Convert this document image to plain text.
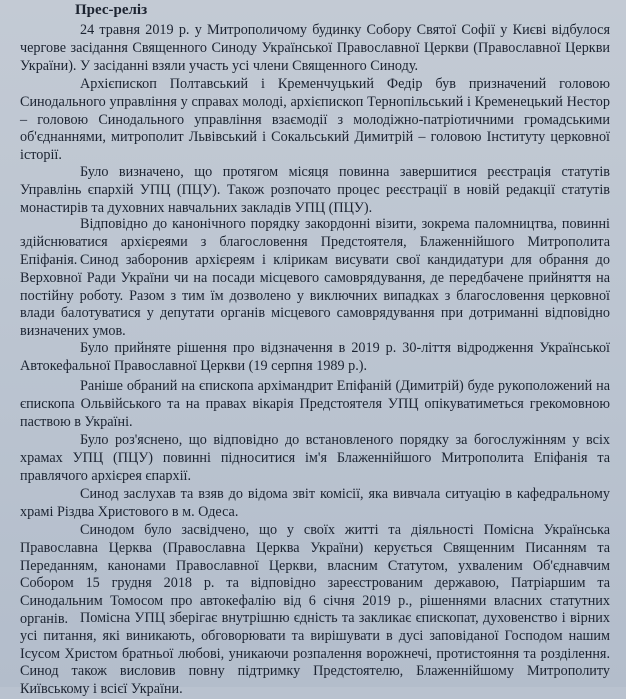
Прес-реліз

24 травня 2019 р. у Митрополичому будинку Собору Святої Софії у Києві відбулося чергове засідання Священного Синоду Української Православної Церкви (Православної Церкви України). У засіданні взяли участь усі члени Священного Синоду.

Архієпископ Полтавський і Кременчуцький Федір був призначений головою Синодального управління у справах молоді, архієпископ Тернопільський і Кременецький Нестор – головою Синодального управління взаємодії з молодіжно-патріотичними громадськими об'єднаннями, митрополит Львівський і Сокальський Димитрій – головою Інституту церковної історії.

Було визначено, що протягом місяця повинна завершитися реєстрація статутів Управлінь єпархій УПЦ (ПЦУ). Також розпочато процес реєстрації в новій редакції статутів монастирів та духовних навчальних закладів УПЦ (ПЦУ).

Відповідно до канонічного порядку закордонні візити, зокрема паломництва, повинні здійснюватися архієреями з благословення Предстоятеля, Блаженнійшого Митрополита Епіфанія. Синод заборонив архієреям і клірикам висувати свої кандидатури для обрання до Верховної Ради України чи на посади місцевого самоврядування, де передбачене прийняття на постійну роботу. Разом з тим їм дозволено у виключних випадках з благословення церковної влади балотуватися у депутати органів місцевого самоврядування при дотриманні відповідно визначених умов.

Було прийняте рішення про відзначення в 2019 р. 30-ліття відродження Української Автокефальної Православної Церкви (19 серпня 1989 р.).

Раніше обраний на єпископа архімандрит Епіфаній (Димитрій) буде рукоположений на єпископа Ольвійського та на правах вікарія Предстоятеля УПЦ опікуватиметься грекомовною паствою в Україні.

Було роз'яснено, що відповідно до встановленого порядку за богослужінням у всіх храмах УПЦ (ПЦУ) повинні підноситися ім'я Блаженнійшого Митрополита Епіфанія та правлячого архієрея єпархії.

Синод заслухав та взяв до відома звіт комісії, яка вивчала ситуацію в кафедральному храмі Різдва Христового в м. Одеса.

Синодом було засвідчено, що у своїх житті та діяльності Помісна Українська Православна Церква (Православна Церква України) керується Священним Писанням та Переданням, канонами Православної Церкви, власним Статутом, ухваленим Об'єднавчим Собором 15 грудня 2018 р. та відповідно зареєстрованим державою, Патріаршим та Синодальним Томосом про автокефалію від 6 січня 2019 р., рішеннями власних статутних органів. Помісна УПЦ зберігає внутрішню єдність та закликає єпископат, духовенство і вірних усі питання, які виникають, обговорювати та вирішувати в дусі заповіданої Господом нашим Ісусом Христом братньої любові, уникаючи розпалення ворожнечі, протистояння та розділення. Синод також висловив повну підтримку Предстоятелю, Блаженнійшому Митрополиту Київському і всієї України.
